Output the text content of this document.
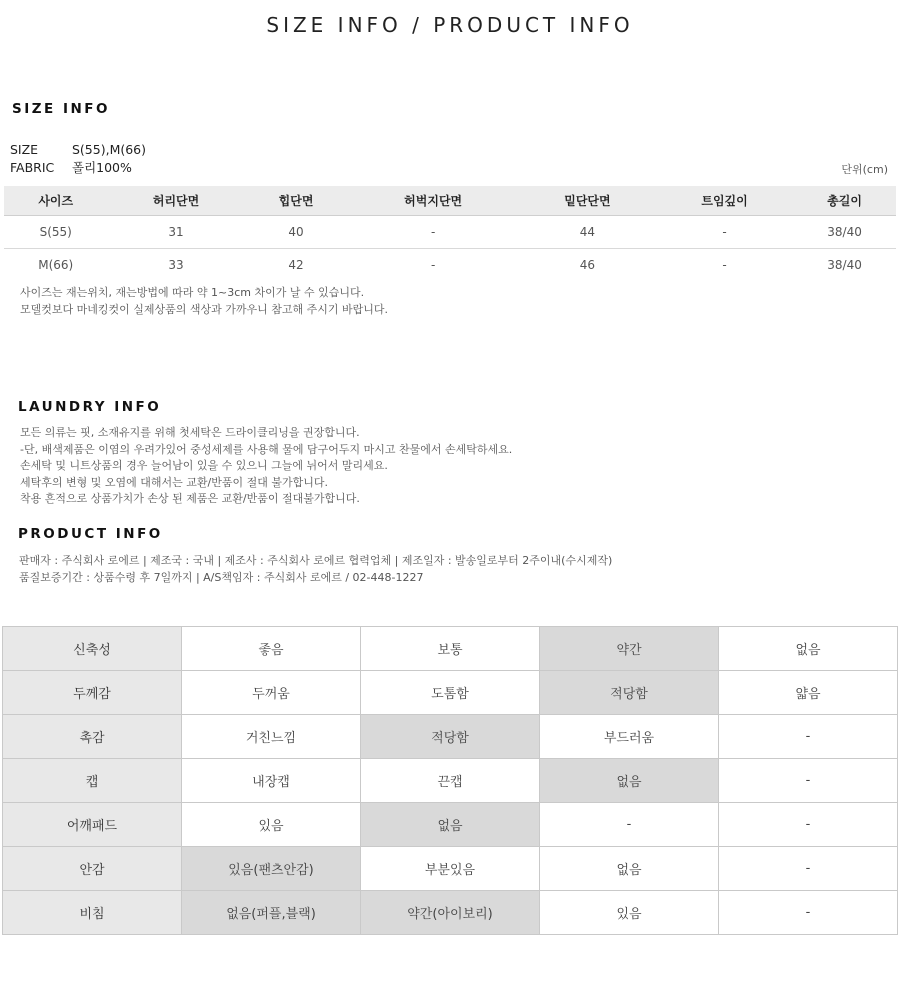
SIZE INFO / PRODUCT INFO
SIZE INFO
SIZE	S(55),M(66)
FABRIC 폴리100%	단위(cm)
사이즈	허리단면	힙단면	허벅지단면	밑단단면	트임깊이	총길이
S(55)	31	40	-	44	-	38/40
M(66)	33	42	-	46	-	38/40
사이즈는 재는위치, 재는방법에 따라 약 1~3cm 차이가 날 수 있습니다.
모델컷보다 마네킹컷이 실제상품의 색상과 가까우니 참고해 주시기 바랍니다.
LAUNDRY INFO
모든 의류는 핏, 소재유지를 위해 첫세탁은 드라이클리닝을 권장합니다.
-단, 배색제품은 이염의 우려가있어 중성세제를 사용해 물에 담구어두지 마시고 찬물에서 손세탁하세요.
손세탁 및 니트상품의 경우 늘어남이 있을 수 있으니 그늘에 뉘어서 말리세요.
세탁후의 변형 및 오염에 대해서는 교환/반품이 절대 불가합니다.
착용 흔적으로 상품가치가 손상 된 제품은 교환/반품이 절대불가합니다.
PRODUCT INFO
판매자 : 주식회사 로에르 | 제조국 : 국내 | 제조사 : 주식회사 로에르 협력업체 | 제조일자 : 발송일로부터 2주이내(수시제작)
품질보증기간 : 상품수령 후 7일까지 | A/S책임자 : 주식회사 로에르 / 02-448-1227
신축성	좋음	보통	약간	없음
두께감	두꺼움	도톰함	적당함	얇음
촉감	거친느낌	적당함	부드러움	-
캡	내장캡	끈캡	없음	-
어깨패드	있음	없음	-	-
안감	있음(팬츠안감)	부분있음	없음	-
비침	없음(퍼플,블랙)	약간(아이보리)	있음	-
